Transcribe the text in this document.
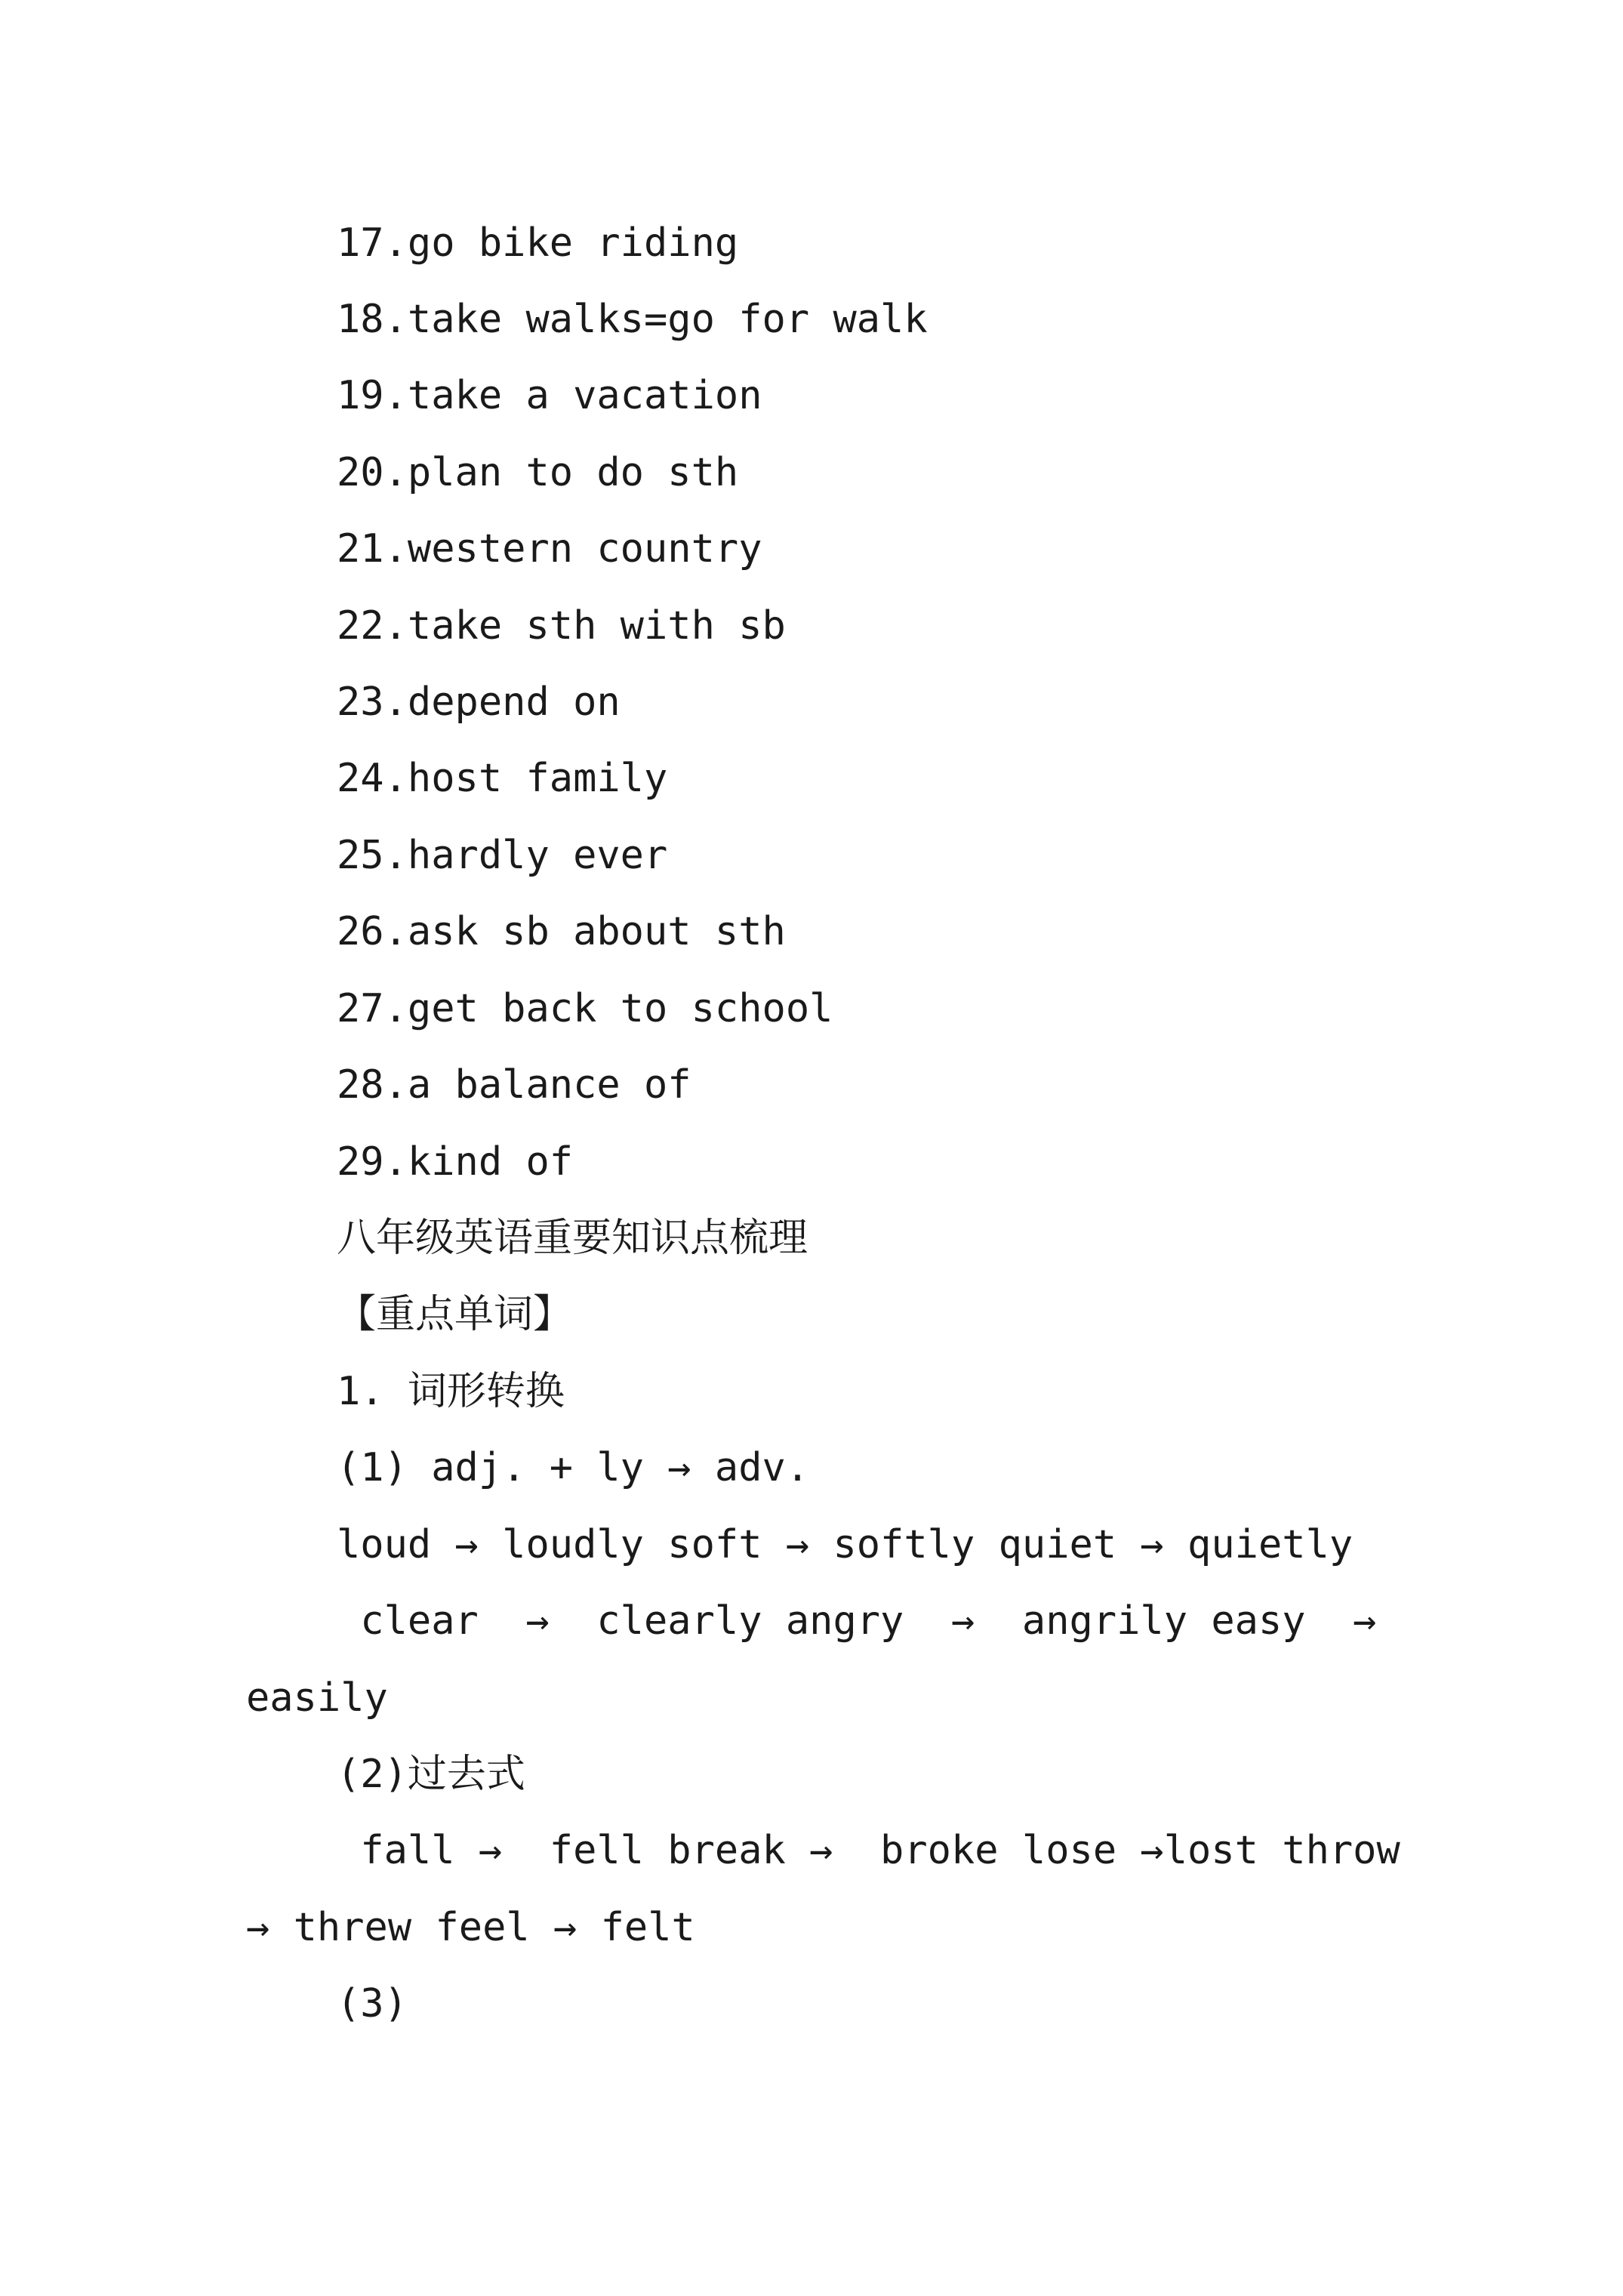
17.go bike riding

18.take walks=go for walk

19.take a vacation

20.plan to do sth

21.western country

22.take sth with sb

23.depend on

24.host family

25.hardly ever

26.ask sb about sth

27.get back to school

28.a balance of

29.kind of

八年级英语重要知识点梳理

【重点单词】

1. 词形转换

(1) adj. + ly → adv.

loud → loudly soft → softly quiet → quietly

clear  →  clearly angry  →  angrily easy  →

easily

(2)过去式

fall →  fell break →  broke lose →lost throw

→ threw feel → felt

(3)
